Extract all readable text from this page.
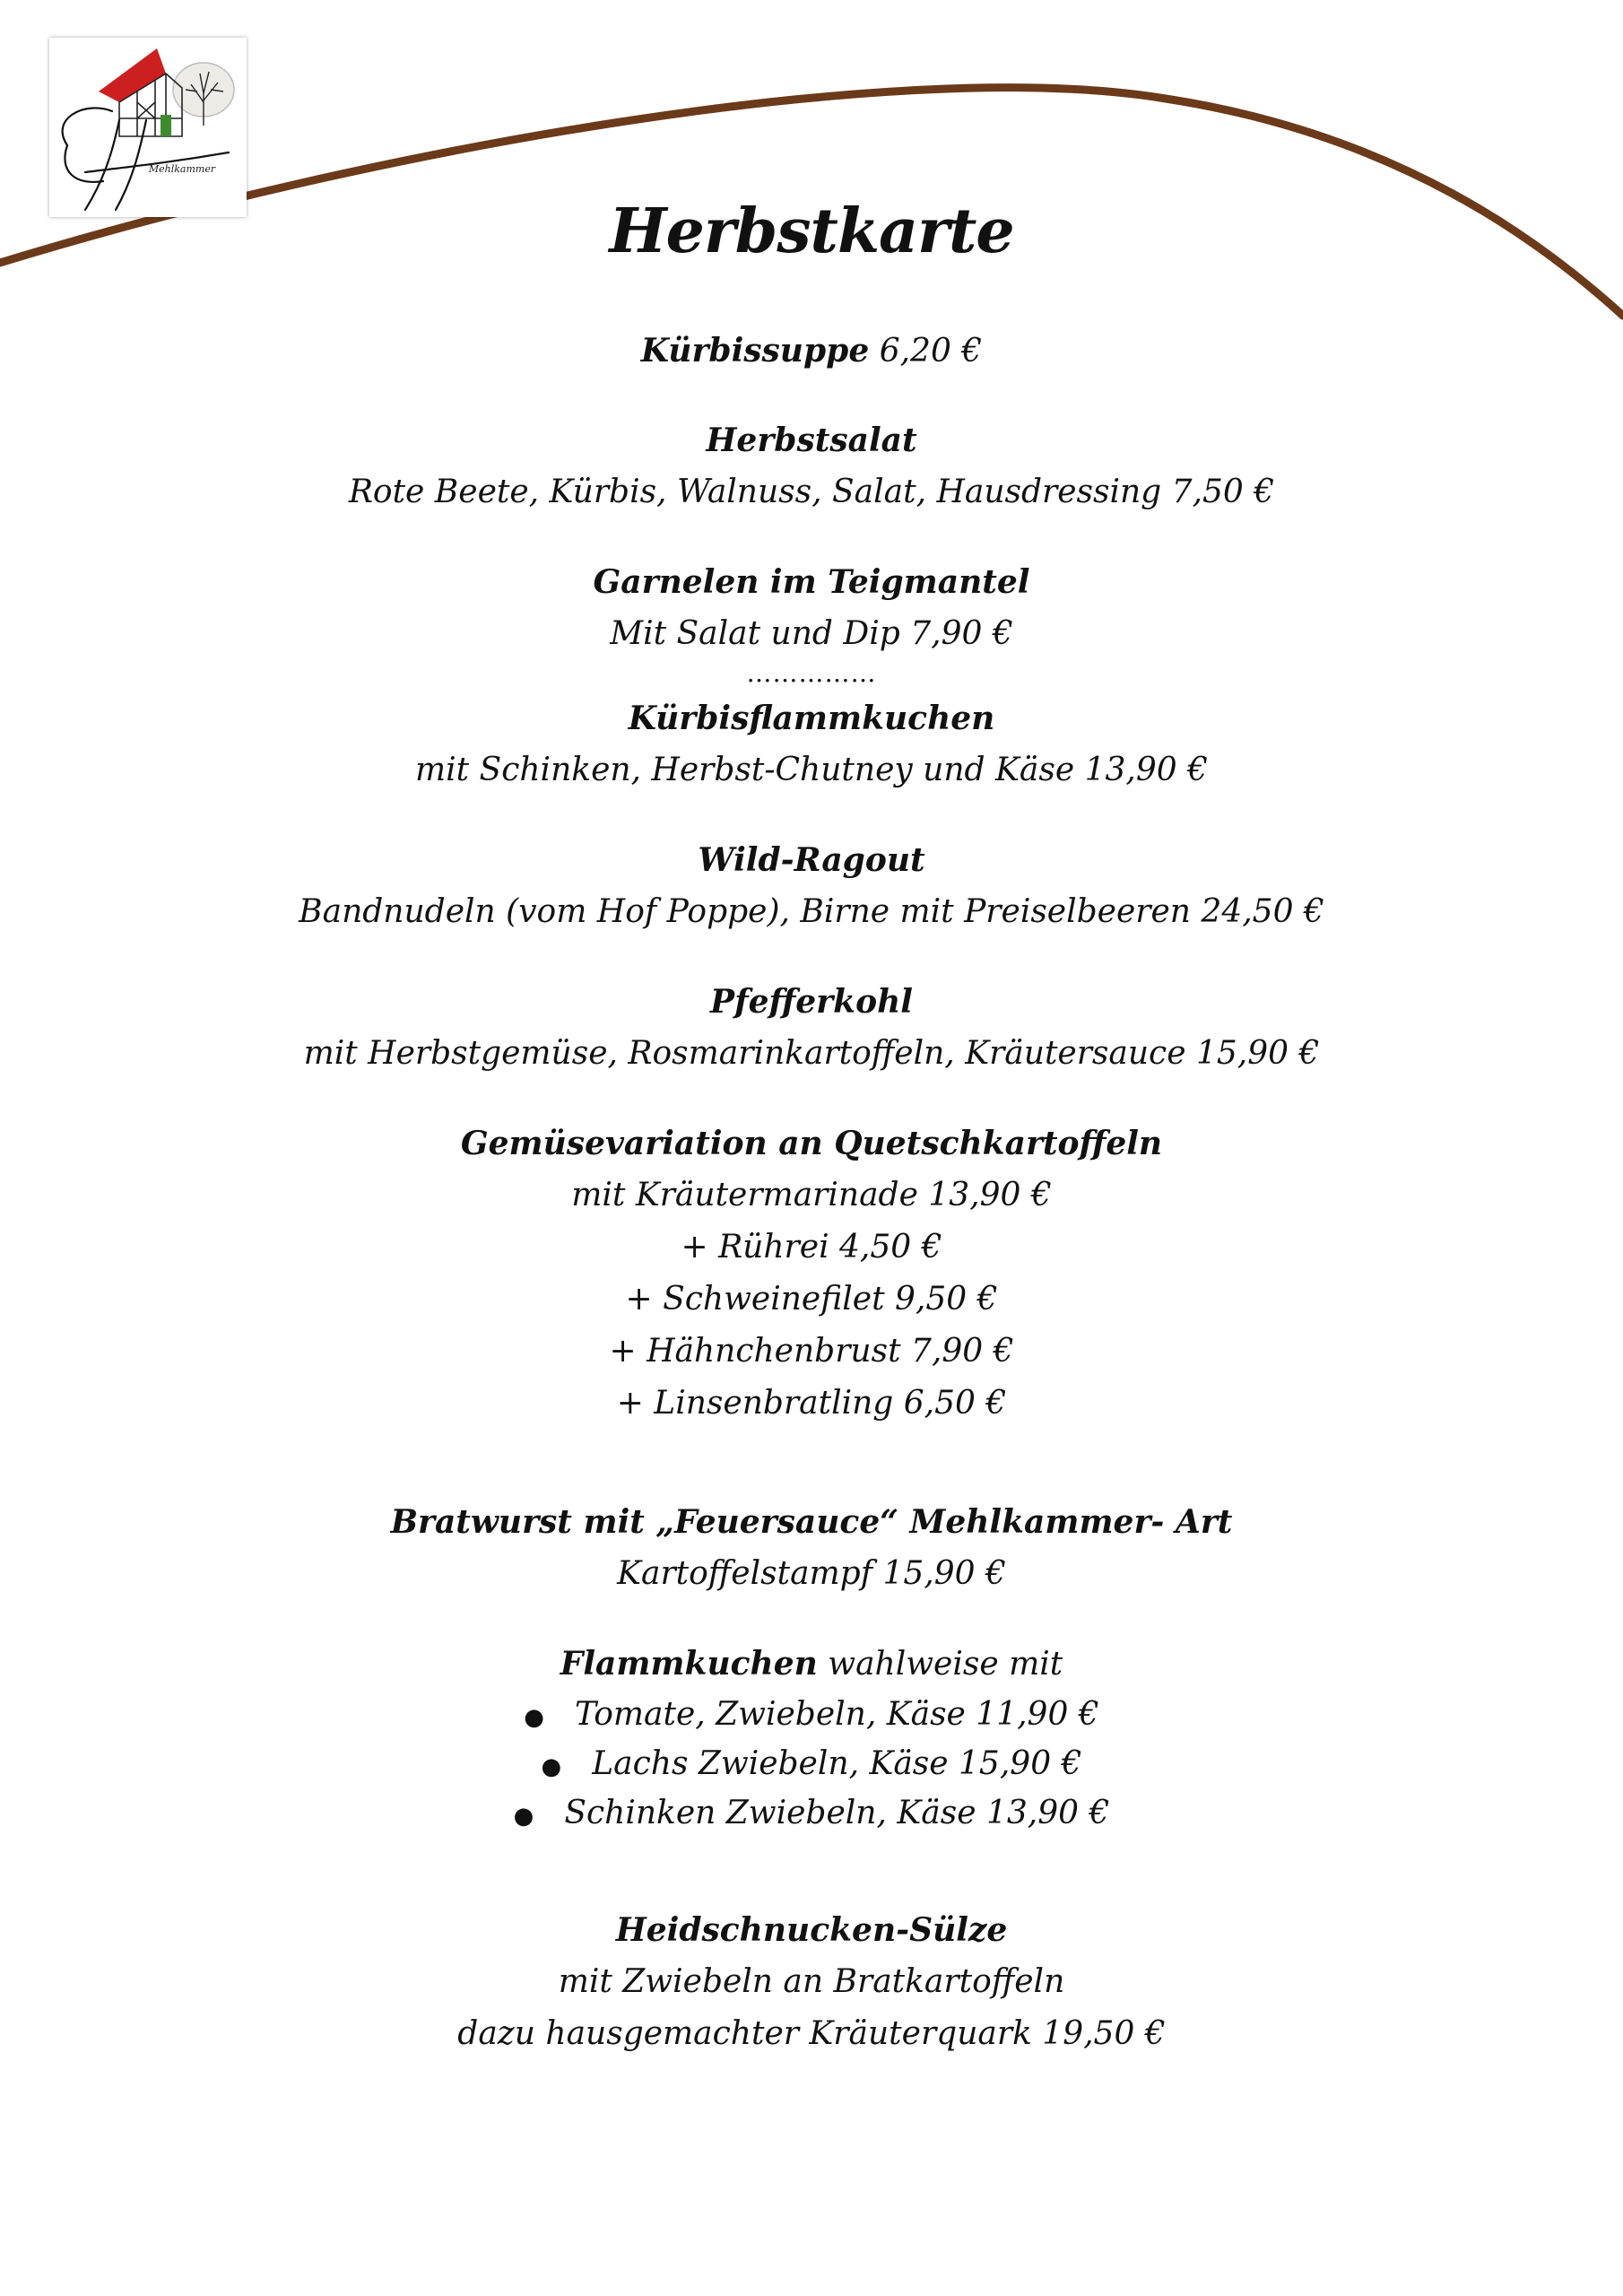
Mehlkammer
Herbstkarte
Kürbissuppe 6,20 €
Herbstsalat
Rote Beete, Kürbis, Walnuss, Salat, Hausdressing 7,50 €
Garnelen im Teigmantel
Mit Salat und Dip 7,90 €
……………
Kürbisflammkuchen
mit Schinken, Herbst-Chutney und Käse 13,90 €
Wild-Ragout
Bandnudeln (vom Hof Poppe), Birne mit Preiselbeeren 24,50 €
Pfefferkohl
mit Herbstgemüse, Rosmarinkartoffeln, Kräutersauce 15,90 €
Gemüsevariation an Quetschkartoffeln
mit Kräutermarinade 13,90 €
+ Rührei 4,50 €
+ Schweinefilet 9,50 €
+ Hähnchenbrust 7,90 €
+ Linsenbratling 6,50 €
Bratwurst mit „Feuersauce“ Mehlkammer- Art
Kartoffelstampf 15,90 €
Flammkuchen wahlweise mit
● Tomate, Zwiebeln, Käse 11,90 €
● Lachs Zwiebeln, Käse 15,90 €
● Schinken Zwiebeln, Käse 13,90 €
Heidschnucken-Sülze
mit Zwiebeln an Bratkartoffeln
dazu hausgemachter Kräuterquark 19,50 €
